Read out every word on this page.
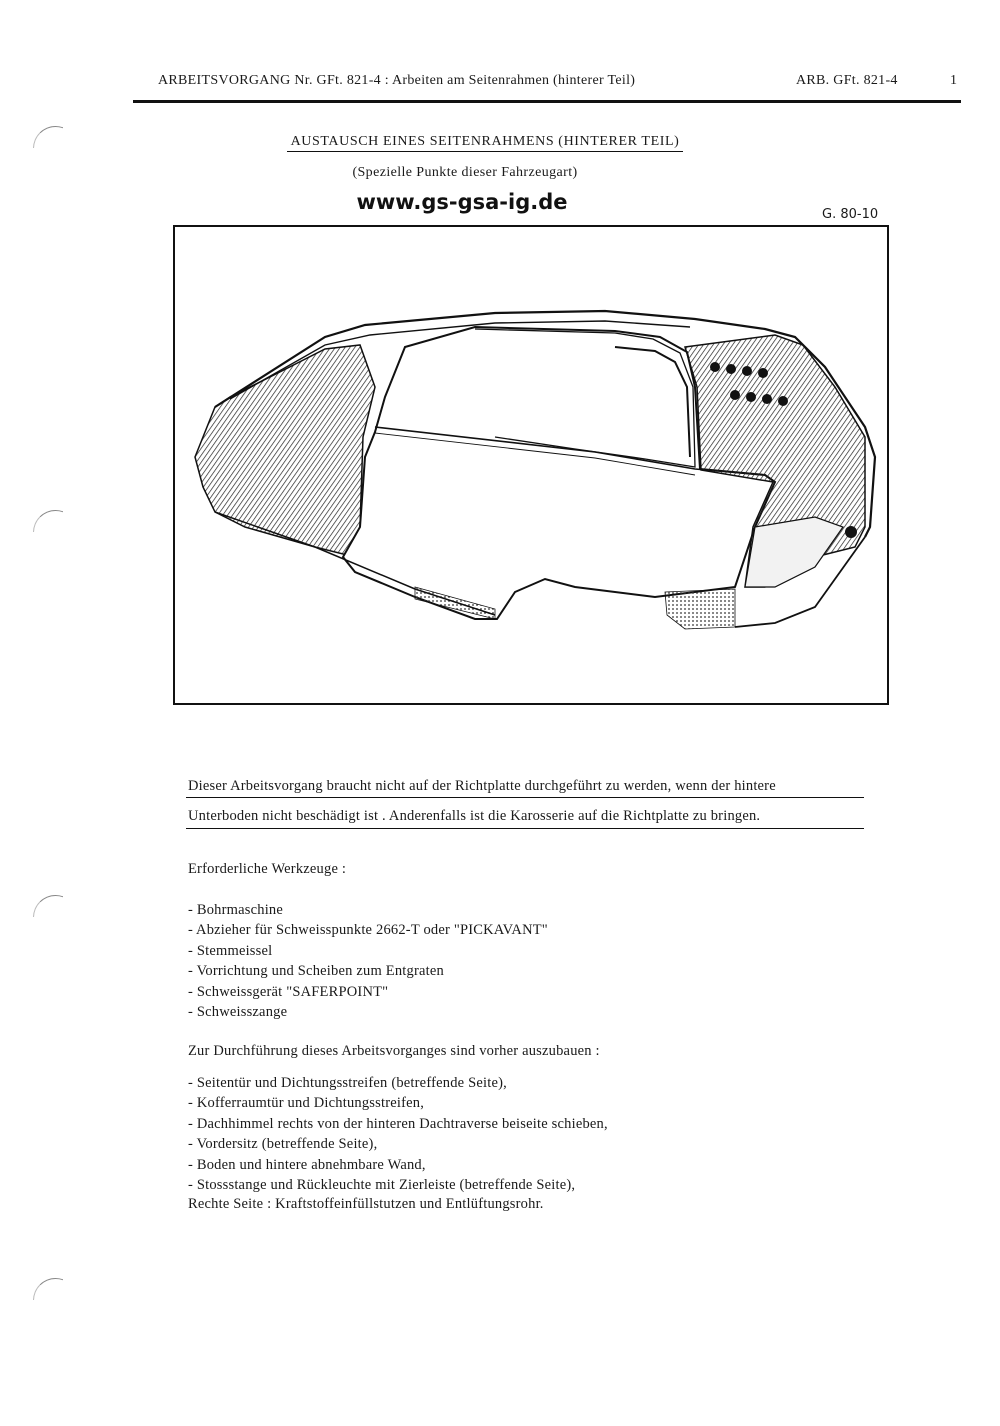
ARBEITSVORGANG Nr. GFt. 821-4 : Arbeiten am Seitenrahmen (hinterer Teil)	ARB. GFt. 821-4	1
AUSTAUSCH EINES SEITENRAHMENS (HINTERER TEIL)
(Spezielle Punkte dieser Fahrzeugart)
www.gs-gsa-ig.de
G. 80-10
Dieser Arbeitsvorgang braucht nicht auf der Richtplatte durchgeführt zu werden, wenn der hintere
Unterboden nicht beschädigt ist . Anderenfalls ist die Karosserie auf die Richtplatte zu bringen.
Erforderliche Werkzeuge :
- Bohrmaschine
- Abzieher für Schweisspunkte 2662-T oder "PICKAVANT"
- Stemmeissel
- Vorrichtung und Scheiben zum Entgraten
- Schweissgerät "SAFERPOINT"
- Schweisszange
Zur Durchführung dieses Arbeitsvorganges sind vorher auszubauen :
- Seitentür und Dichtungsstreifen (betreffende Seite),
- Kofferraumtür und Dichtungsstreifen,
- Dachhimmel rechts von der hinteren Dachtraverse beiseite schieben,
- Vordersitz (betreffende Seite),
- Boden und hintere abnehmbare Wand,
- Stossstange und Rückleuchte mit Zierleiste (betreffende Seite),
Rechte Seite : Kraftstoffeinfüllstutzen und Entlüftungsrohr.
